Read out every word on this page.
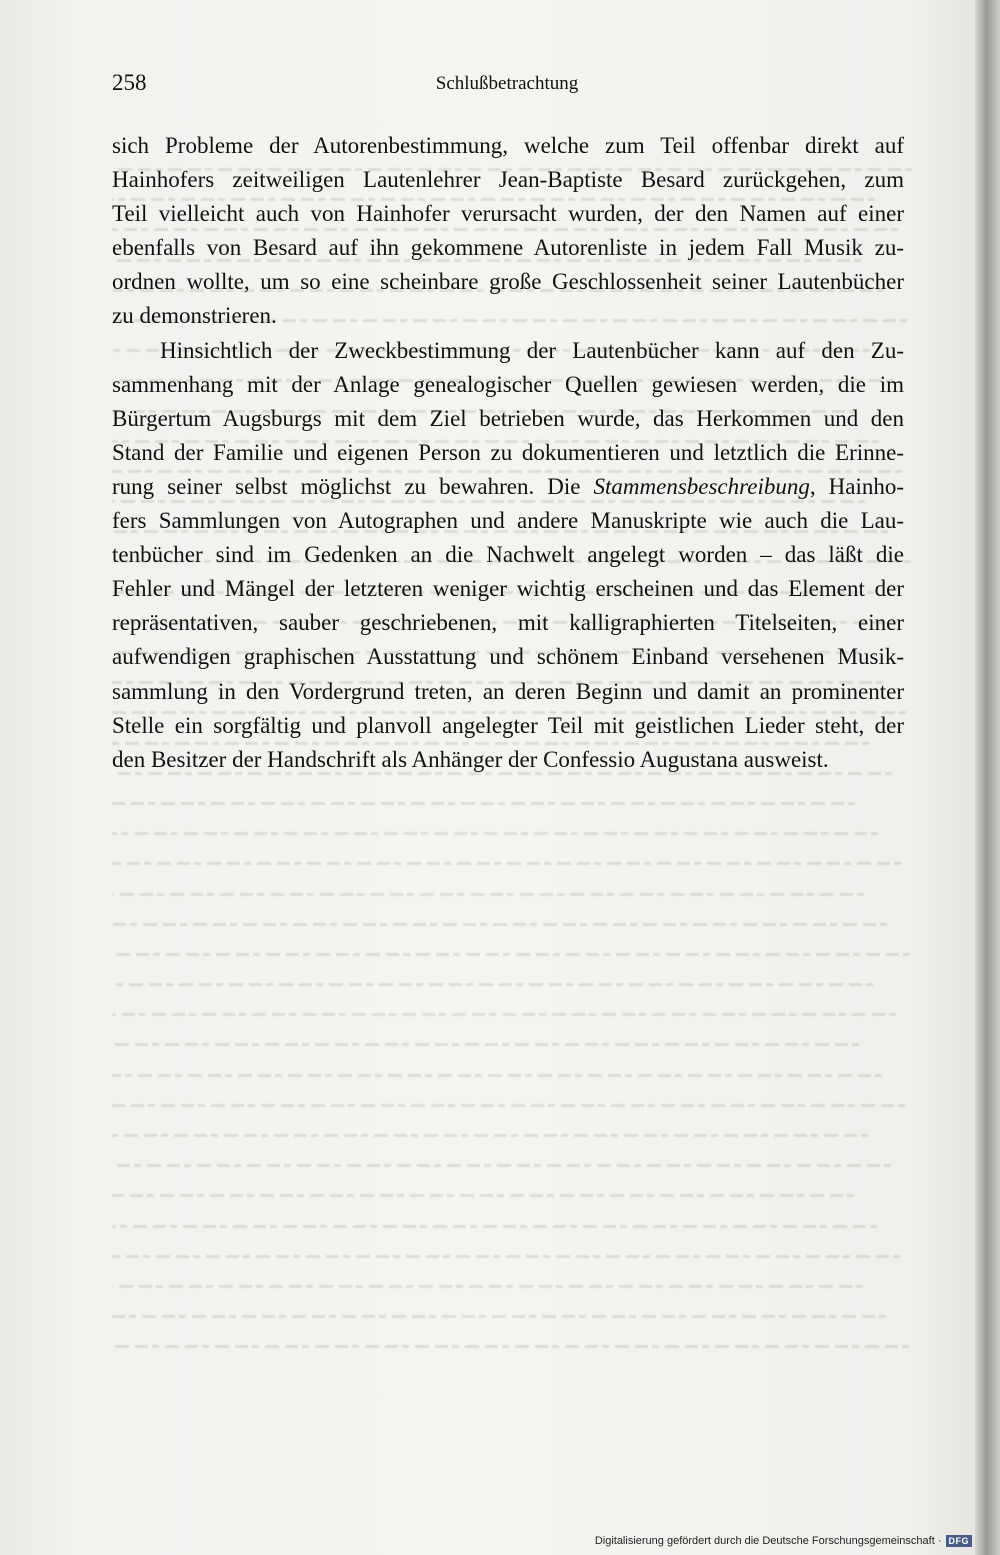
258	Schlußbetrachtung
sich Probleme der Autorenbestimmung, welche zum Teil offenbar direkt auf
Hainhofers zeitweiligen Lautenlehrer Jean-Baptiste Besard zurückgehen, zum
Teil vielleicht auch von Hainhofer verursacht wurden, der den Namen auf einer
ebenfalls von Besard auf ihn gekommene Autorenliste in jedem Fall Musik zu-
ordnen wollte, um so eine scheinbare große Geschlossenheit seiner Lautenbücher
zu demonstrieren.
Hinsichtlich der Zweckbestimmung der Lautenbücher kann auf den Zu-
sammenhang mit der Anlage genealogischer Quellen gewiesen werden, die im
Bürgertum Augsburgs mit dem Ziel betrieben wurde, das Herkommen und den
Stand der Familie und eigenen Person zu dokumentieren und letztlich die Erinne-
rung seiner selbst möglichst zu bewahren. Die Stammensbeschreibung, Hainho-
fers Sammlungen von Autographen und andere Manuskripte wie auch die Lau-
tenbücher sind im Gedenken an die Nachwelt angelegt worden – das läßt die
Fehler und Mängel der letzteren weniger wichtig erscheinen und das Element der
repräsentativen, sauber geschriebenen, mit kalligraphierten Titelseiten, einer
aufwendigen graphischen Ausstattung und schönem Einband versehenen Musik-
sammlung in den Vordergrund treten, an deren Beginn und damit an prominenter
Stelle ein sorgfältig und planvoll angelegter Teil mit geistlichen Lieder steht, der
den Besitzer der Handschrift als Anhänger der Confessio Augustana ausweist.
Digitalisierung gefördert durch die Deutsche Forschungsgemeinschaft · DFG
